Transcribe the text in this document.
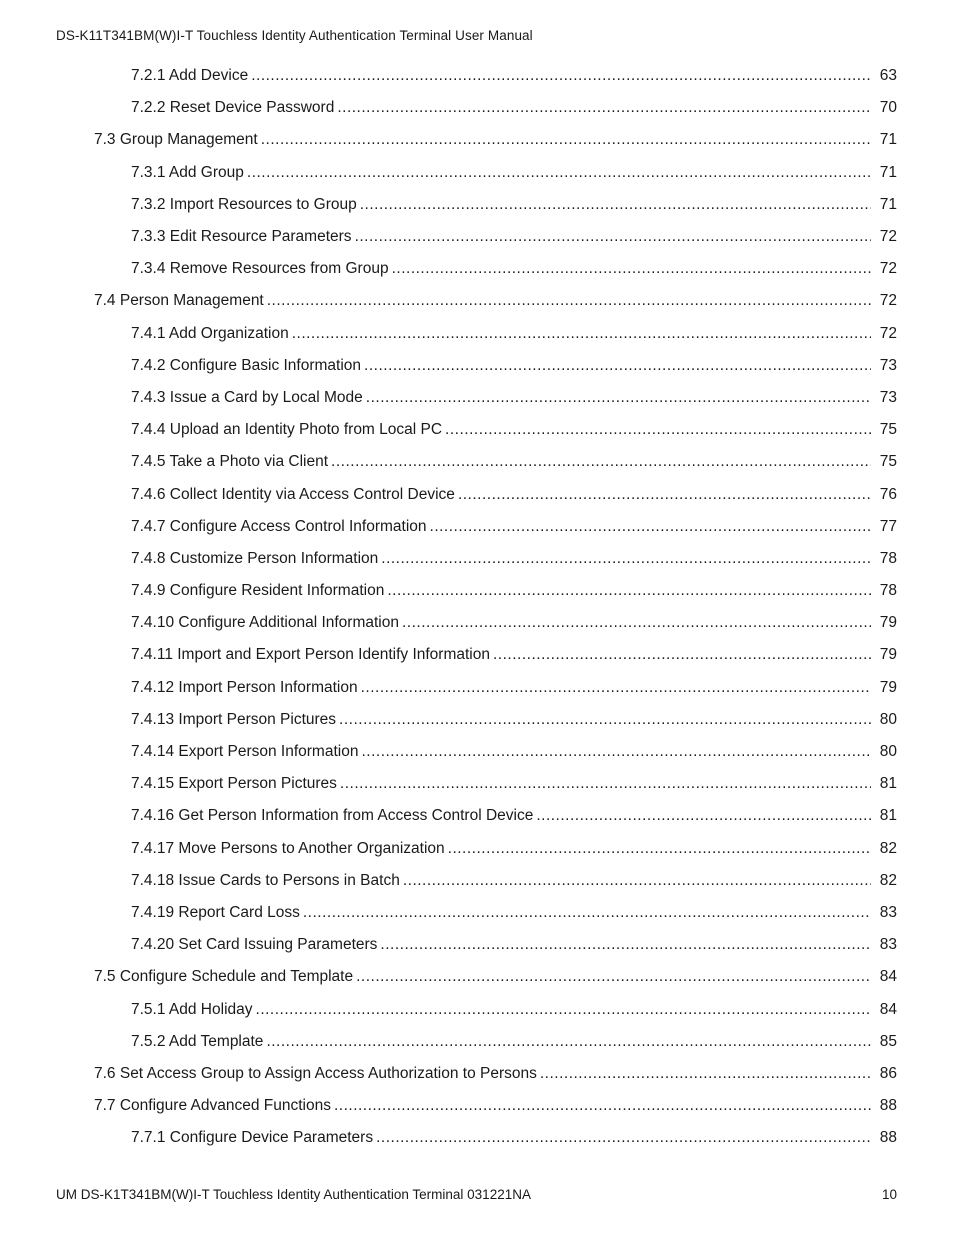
DS-K11T341BM(W)I-T Touchless Identity Authentication Terminal User Manual
7.2.1 Add Device .....	63
7.2.2 Reset Device Password .....	70
7.3 Group Management .....	71
7.3.1 Add Group .....	71
7.3.2 Import Resources to Group .....	71
7.3.3 Edit Resource Parameters .....	72
7.3.4 Remove Resources from Group .....	72
7.4 Person Management .....	72
7.4.1 Add Organization .....	72
7.4.2 Configure Basic Information .....	73
7.4.3 Issue a Card by Local Mode .....	73
7.4.4 Upload an Identity Photo from Local PC .....	75
7.4.5 Take a Photo via Client .....	75
7.4.6 Collect Identity via Access Control Device .....	76
7.4.7 Configure Access Control Information .....	77
7.4.8 Customize Person Information .....	78
7.4.9 Configure Resident Information .....	78
7.4.10 Configure Additional Information .....	79
7.4.11 Import and Export Person Identify Information .....	79
7.4.12 Import Person Information .....	79
7.4.13 Import Person Pictures .....	80
7.4.14 Export Person Information .....	80
7.4.15 Export Person Pictures .....	81
7.4.16 Get Person Information from Access Control Device .....	81
7.4.17 Move Persons to Another Organization .....	82
7.4.18 Issue Cards to Persons in Batch .....	82
7.4.19 Report Card Loss .....	83
7.4.20 Set Card Issuing Parameters .....	83
7.5 Configure Schedule and Template .....	84
7.5.1 Add Holiday .....	84
7.5.2 Add Template .....	85
7.6 Set Access Group to Assign Access Authorization to Persons .....	86
7.7 Configure Advanced Functions .....	88
7.7.1 Configure Device Parameters .....	88
UM DS-K1T341BM(W)I-T Touchless Identity Authentication Terminal 031221NA	10
